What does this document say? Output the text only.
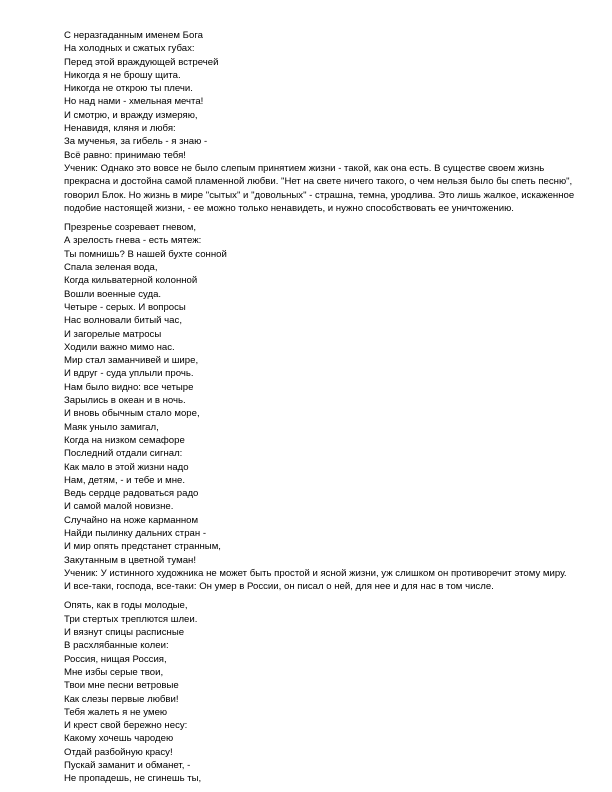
С неразгаданным именем Бога

На холодных и сжатых губах:

Перед этой враждующей встречей

Никогда я не брошу щита.

Никогда не открою ты плечи.

Но над нами - хмельная мечта!

И смотрю, и вражду измеряю,

Ненавидя, кляня и любя:

За мученья, за гибель - я знаю -

Всё равно: принимаю тебя!

Ученик: Однако это вовсе не было слепым принятием жизни - такой, как она есть. В существе своем жизнь прекрасна и достойна самой пламенной любви. "Нет на свете ничего такого, о чем нельзя было бы спеть песню", говорил Блок. Но жизнь в мире "сытых" и "довольных" - страшна, темна, уродлива. Это лишь жалкое, искаженное подобие настоящей жизни, - ее можно только ненавидеть, и нужно способствовать ее уничтожению.

Презренье созревает гневом,

А зрелость гнева - есть мятеж:

Ты помнишь? В нашей бухте сонной

Спала зеленая вода,

Когда кильватерной колонной

Вошли военные суда.

Четыре - серых. И вопросы

Нас волновали битый час,

И загорелые матросы

Ходили важно мимо нас.

Мир стал заманчивей и шире,

И вдруг - суда уплыли прочь.

Нам было видно: все четыре

Зарылись в океан и в ночь.

И вновь обычным стало море,

Маяк уныло замигал,

Когда на низком семафоре

Последний отдали сигнал:

Как мало в этой жизни надо

Нам, детям, - и тебе и мне.

Ведь сердце радоваться радо

И самой малой новизне.

Случайно на ноже карманном

Найди пылинку дальних стран -

И мир опять предстанет странным,

Закутанным в цветной туман!

Ученик: У истинного художника не может быть простой и ясной жизни, уж слишком он противоречит этому миру.

И все-таки, господа, все-таки: Он умер в России, он писал о ней, для нее и для нас в том числе.

Опять, как в годы молодые,

Три стертых треплются шлеи.

И вязнут спицы расписные

В расхлябанные колеи:

Россия, нищая Россия,

Мне избы серые твои,

Твои мне песни ветровые

Как слезы первые любви!

Тебя жалеть я не умею

И крест свой бережно несу:

Какому хочешь чародею

Отдай разбойную красу!

Пускай заманит и обманет, -

Не пропадешь, не сгинешь ты,
